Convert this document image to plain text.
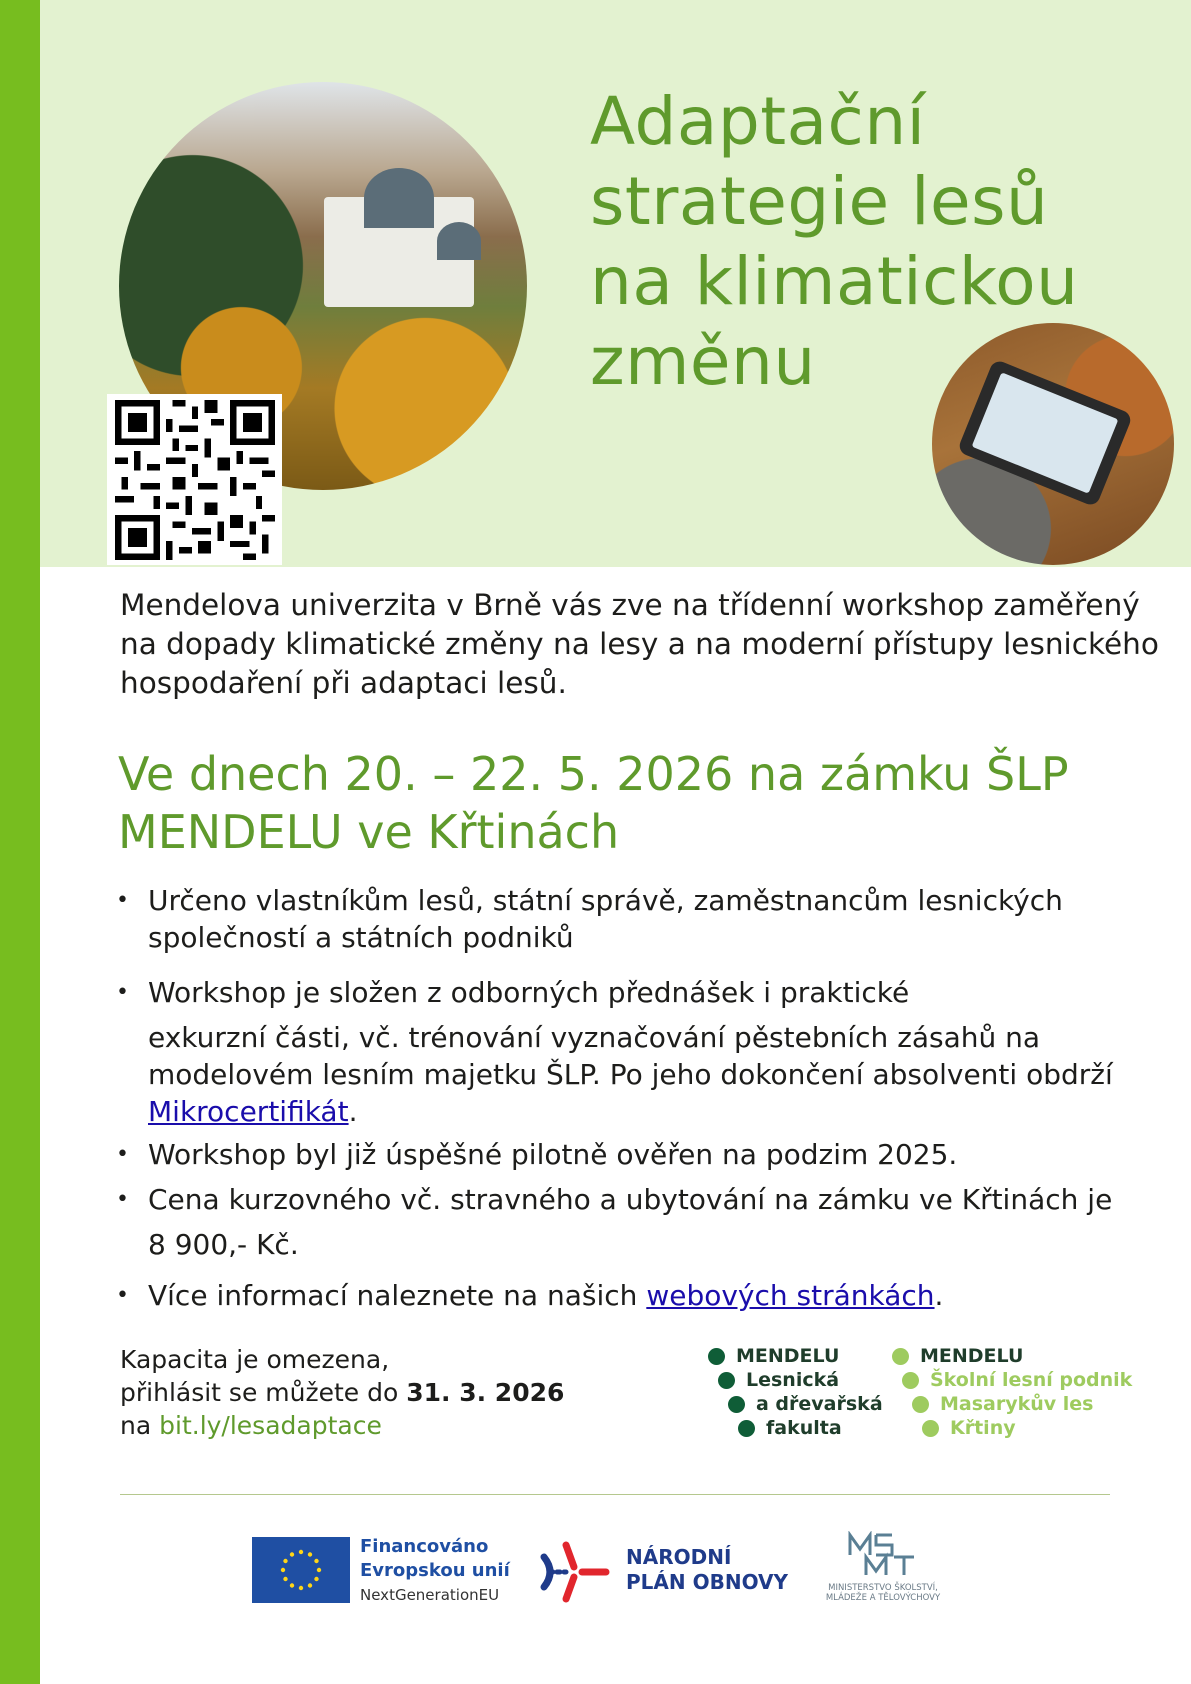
Adaptační strategie lesů na klimatickou změnu

Mendelova univerzita v Brně vás zve na třídenní workshop zaměřený na dopady klimatické změny na lesy a na moderní přístupy lesnického hospodaření při adaptaci lesů.

Ve dnech 20. – 22. 5. 2026 na zámku ŠLP MENDELU ve Křtinách
• Určeno vlastníkům lesů, státní správě, zaměstnancům lesnických společností a státních podniků
• Workshop je složen z odborných přednášek i praktické
exkurzní části, vč. trénování vyznačování pěstebních zásahů na modelovém lesním majetku ŠLP. Po jeho dokončení absolventi obdrží Mikrocertifikát.
• Workshop byl již úspěšné pilotně ověřen na podzim 2025.
• Cena kurzovného vč. stravného a ubytování na zámku ve Křtinách je
8 900,- Kč.
• Více informací naleznete na našich webových stránkách.
Kapacita je omezena,
přihlásit se můžete do 31. 3. 2026
na bit.ly/lesadaptace
MENDELU
Lesnická
a dřevařská
fakulta
MENDELU
Školní lesní podnik
Masarykův les
Křtiny
Financováno
Evropskou unií
NextGenerationEU
NÁRODNÍ
PLÁN OBNOVY	MINISTERSTVO ŠKOLSTVÍ,
MLÁDEŽE A TĚLOVÝCHOVY
